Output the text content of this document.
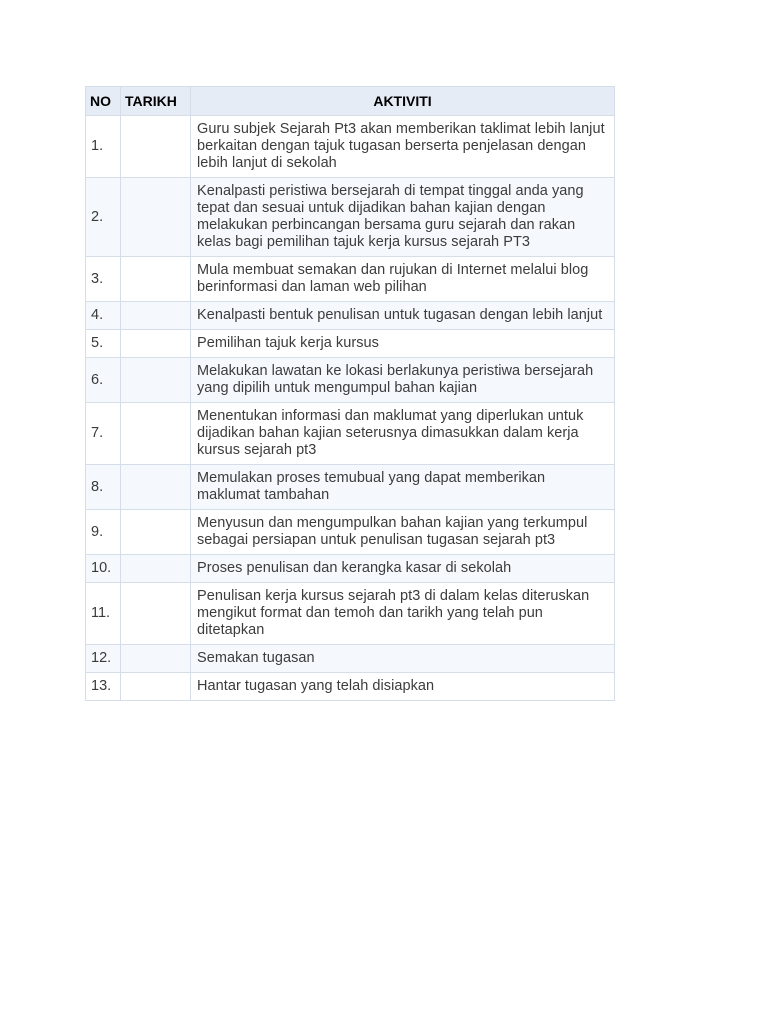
NO	TARIKH	AKTIVITI
1.		Guru subjek Sejarah Pt3 akan memberikan taklimat lebih lanjut berkaitan dengan tajuk tugasan berserta penjelasan dengan lebih lanjut di sekolah
2.		Kenalpasti peristiwa bersejarah di tempat tinggal anda yang tepat dan sesuai untuk dijadikan bahan kajian dengan melakukan perbincangan bersama guru sejarah dan rakan kelas bagi pemilihan tajuk kerja kursus sejarah PT3
3.		Mula membuat semakan dan rujukan di Internet melalui blog berinformasi dan laman web pilihan
4.		Kenalpasti bentuk penulisan untuk tugasan dengan lebih lanjut
5.		Pemilihan tajuk kerja kursus
6.		Melakukan lawatan ke lokasi berlakunya peristiwa bersejarah yang dipilih untuk mengumpul bahan kajian
7.		Menentukan informasi dan maklumat yang diperlukan untuk dijadikan bahan kajian seterusnya dimasukkan dalam kerja kursus sejarah pt3
8.		Memulakan proses temubual yang dapat memberikan maklumat tambahan
9.		Menyusun dan mengumpulkan bahan kajian yang terkumpul sebagai persiapan untuk penulisan tugasan sejarah pt3
10.		Proses penulisan dan kerangka kasar di sekolah
11.		Penulisan kerja kursus sejarah pt3 di dalam kelas diteruskan mengikut format dan temoh dan tarikh yang telah pun ditetapkan
12.		Semakan tugasan
13.		Hantar tugasan yang telah disiapkan
